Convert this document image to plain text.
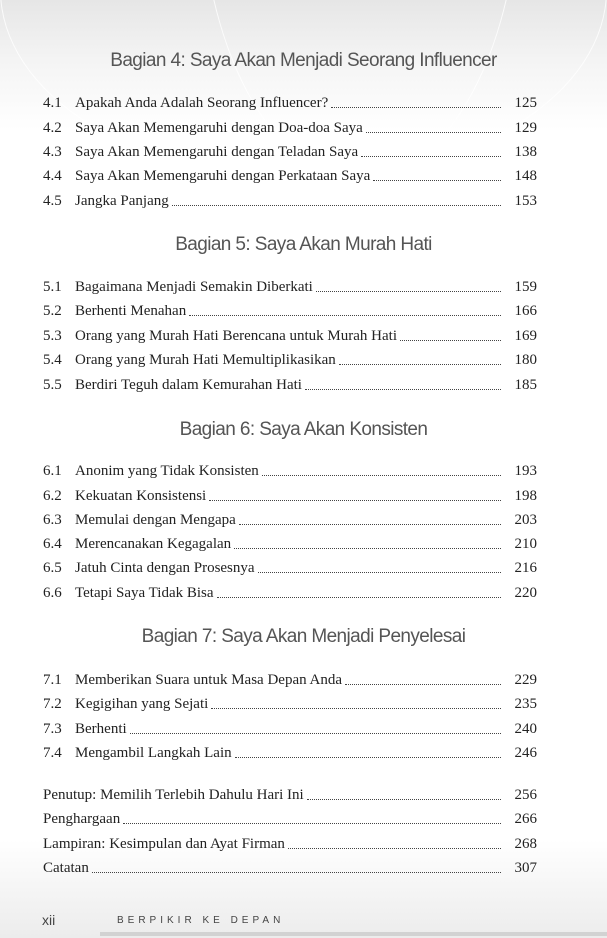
Bagian 4: Saya Akan Menjadi Seorang Influencer
4.1 Apakah Anda Adalah Seorang Influencer?	125
4.2 Saya Akan Memengaruhi dengan Doa-doa Saya	129
4.3 Saya Akan Memengaruhi dengan Teladan Saya	138
4.4 Saya Akan Memengaruhi dengan Perkataan Saya	148
4.5 Jangka Panjang	153
Bagian 5: Saya Akan Murah Hati
5.1 Bagaimana Menjadi Semakin Diberkati	159
5.2 Berhenti Menahan	166
5.3 Orang yang Murah Hati Berencana untuk Murah Hati	169
5.4 Orang yang Murah Hati Memultiplikasikan	180
5.5 Berdiri Teguh dalam Kemurahan Hati	185
Bagian 6: Saya Akan Konsisten
6.1 Anonim yang Tidak Konsisten	193
6.2 Kekuatan Konsistensi	198
6.3 Memulai dengan Mengapa	203
6.4 Merencanakan Kegagalan	210
6.5 Jatuh Cinta dengan Prosesnya	216
6.6 Tetapi Saya Tidak Bisa	220
Bagian 7: Saya Akan Menjadi Penyelesai
7.1 Memberikan Suara untuk Masa Depan Anda	229
7.2 Kegigihan yang Sejati	235
7.3 Berhenti	240
7.4 Mengambil Langkah Lain	246
Penutup: Memilih Terlebih Dahulu Hari Ini	256
Penghargaan	266
Lampiran: Kesimpulan dan Ayat Firman	268
Catatan	307
xii	BERPIKIR KE DEPAN
